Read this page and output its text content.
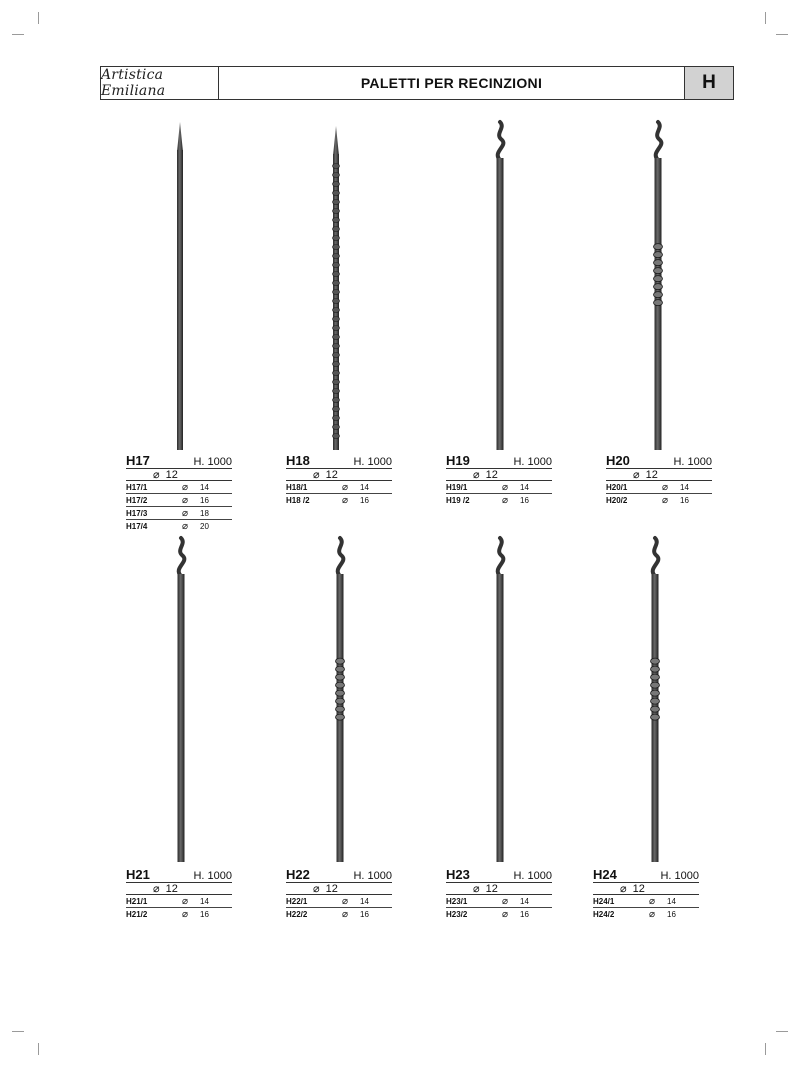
Artistica Emiliana	PALETTI PER RECINZIONI	H
H17	H. 1000
⌀ 12
H17/1	⌀	14
H17/2	⌀	16
H17/3	⌀	18
H17/4	⌀	20
H18	H. 1000
⌀ 12
H18/1	⌀	14
H18 /2	⌀	16
H19	H. 1000
⌀ 12
H19/1	⌀	14
H19 /2	⌀	16
H20	H. 1000
⌀ 12
H20/1	⌀	14
H20/2	⌀	16
H21	H. 1000
⌀ 12
H21/1	⌀	14
H21/2	⌀	16
H22	H. 1000
⌀ 12
H22/1	⌀	14
H22/2	⌀	16
H23	H. 1000
⌀ 12
H23/1	⌀	14
H23/2	⌀	16
H24	H. 1000
⌀ 12
H24/1	⌀	14
H24/2	⌀	16
